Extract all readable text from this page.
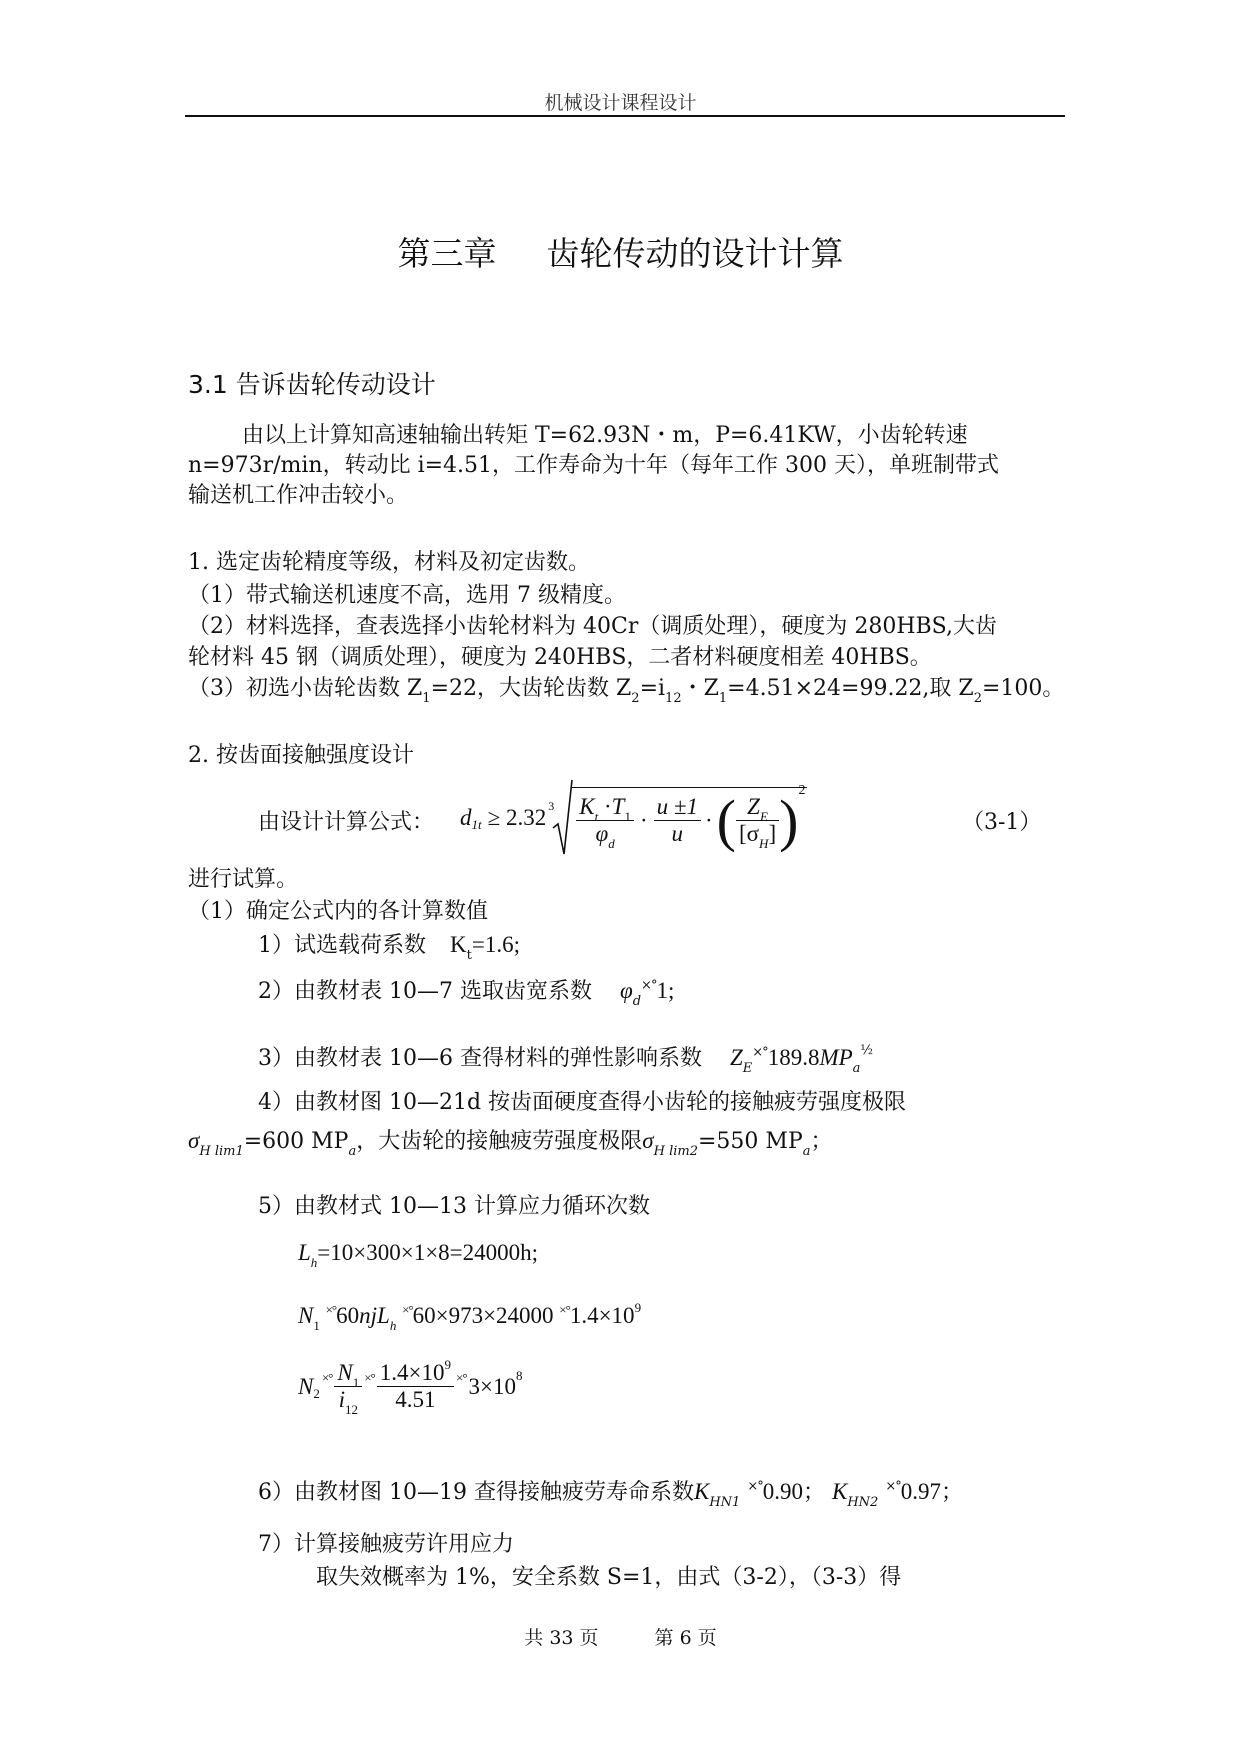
机械设计课程设计
第三章 齿轮传动的设计计算
3.1 告诉齿轮传动设计
由以上计算知高速轴输出转矩 T=62.93N・m，P=6.41KW，小齿轮转速
n=973r/min，转动比 i=4.51，工作寿命为十年（每年工作 300 天），单班制带式
输送机工作冲击较小。
1. 选定齿轮精度等级，材料及初定齿数。
（1）带式输送机速度不高，选用 7 级精度。
（2）材料选择，查表选择小齿轮材料为 40Cr（调质处理），硬度为 280HBS,大齿
轮材料 45 钢（调质处理），硬度为 240HBS，二者材料硬度相差 40HBS。
（3）初选小齿轮齿数 $Z_1=22$，大齿轮齿数 $Z_2=i_{12}$・$Z_1=4.51\times 24=99.22$,取 $Z_2=100$。
2. 按齿面接触强度设计
由设计计算公式： d 1t ≥ 2.32 $3 \frac{K_t \cdot T_1}{\varphi_d} \cdot \frac{u \pm 1}{u}$ · ( $\frac{Z_E}{[\sigma_H]}$ ) 2
（3-1）
进行试算。
（1）确定公式内的各计算数值
1）试选载荷系数 $K_t=1.6$;
2）由教材表 10—7 选取齿宽系数 $\varphi_d^{\times^\circ}1$;
3）由教材表 10—6 查得材料的弹性影响系数 $Z_E^{\times^\circ}189.8MP_a^{\frac{1}{2}}$
4）由教材图 10—21d 按齿面硬度查得小齿轮的接触疲劳强度极限
$\sigma_{H lim1}=600$ $MP_a$，大齿轮的接触疲劳强度极限$\sigma_{H lim2}=550$ $MP_a$；
5）由教材式 10—13 计算应力循环次数
$L_h=10\times 300\times 1\times 8=24000h$;
$N_1$ ×°60njL$_h$ ×°60×973×24000 $^{\times^\circ}1.4\times 10^9$
N 2
×° $\frac{N_1}{i_{12}}$ ×° $\frac{1.4\times 10^9}{4.51}$ ×° 3×10 8
6）由教材图 10—19 查得接触疲劳寿命系数$K_{HN1}$ ×°0.90； $K_{HN2}$ ×°0.97；
7）计算接触疲劳许用应力
取失效概率为 1%，安全系数 S=1，由式（3-2），（3-3）得
共 33 页	第 6 页
